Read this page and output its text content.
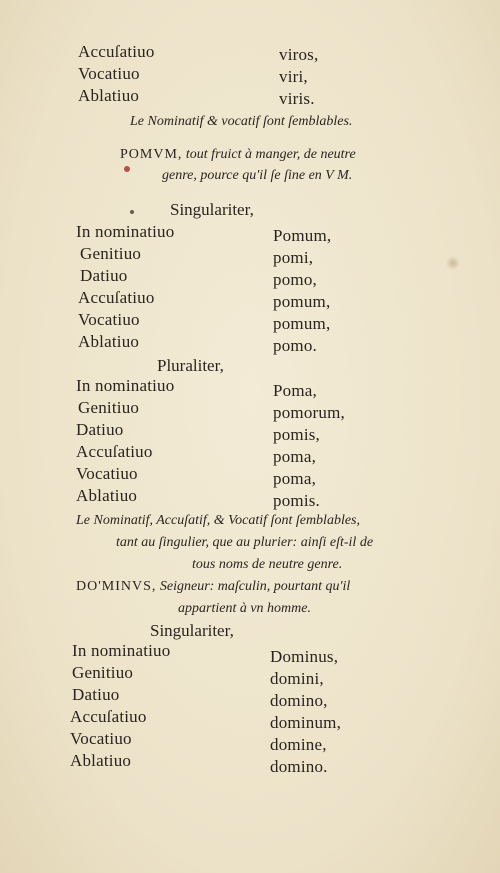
Accuſatiuo	viros,
Vocatiuo	viri,
Ablatiuo	viris.
Le Nominatif & vocatif ſont ſemblables.
POMVM, tout fruict à manger, de neutre
genre, pource qu'il ſe ſine en V M.
Singulariter,
In nominatiuo	Pomum,
Genitiuo	pomi,
Datiuo	pomo,
Accuſatiuo	pomum,
Vocatiuo	pomum,
Ablatiuo	pomo.
Pluraliter,
In nominatiuo	Poma,
Genitiuo	pomorum,
Datiuo	pomis,
Accuſatiuo	poma,
Vocatiuo	poma,
Ablatiuo	pomis.
Le Nominatif, Accuſatif, & Vocatif ſont ſemblables,
tant au ſingulier, que au plurier: ainſi eſt-il de
tous noms de neutre genre.
DO'MINVS, Seigneur: maſculin, pourtant qu'il
appartient à vn homme.
Singulariter,
In nominatiuo	Dominus,
Genitiuo	domini,
Datiuo	domino,
Accuſatiuo	dominum,
Vocatiuo	domine,
Ablatiuo	domino.
